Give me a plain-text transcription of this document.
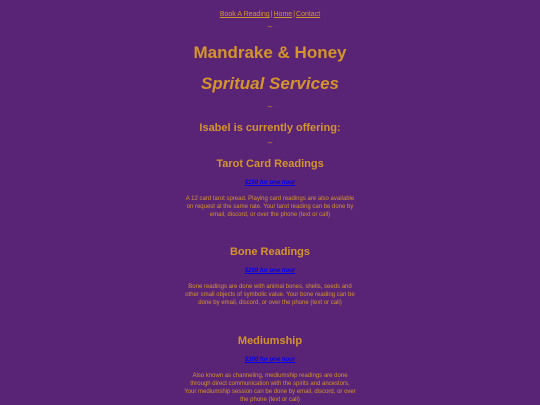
Book A Reading|Home|Contact
–
Mandrake & Honey
Spritual Services
–
Isabel is currently offering:
–
Tarot Card Readings
$150 for one hour
A 12 card tarot spread. Playing card readings are also available on request at the same rate. Your tarot reading can be done by email, discord, or over the phone (text or call)
Bone Readings
$200 for one hour
Bone readings are done with animal bones, shells, seeds and other small objects of symbolic value. Your bone reading can be done by email, discord, or over the phone (text or call)
Mediumship
$300 for one hour
Also known as channeling, mediumship readings are done through direct communication with the spirits and ancestors. Your mediumship session can be done by email, discord, or over the phone (text or call)
